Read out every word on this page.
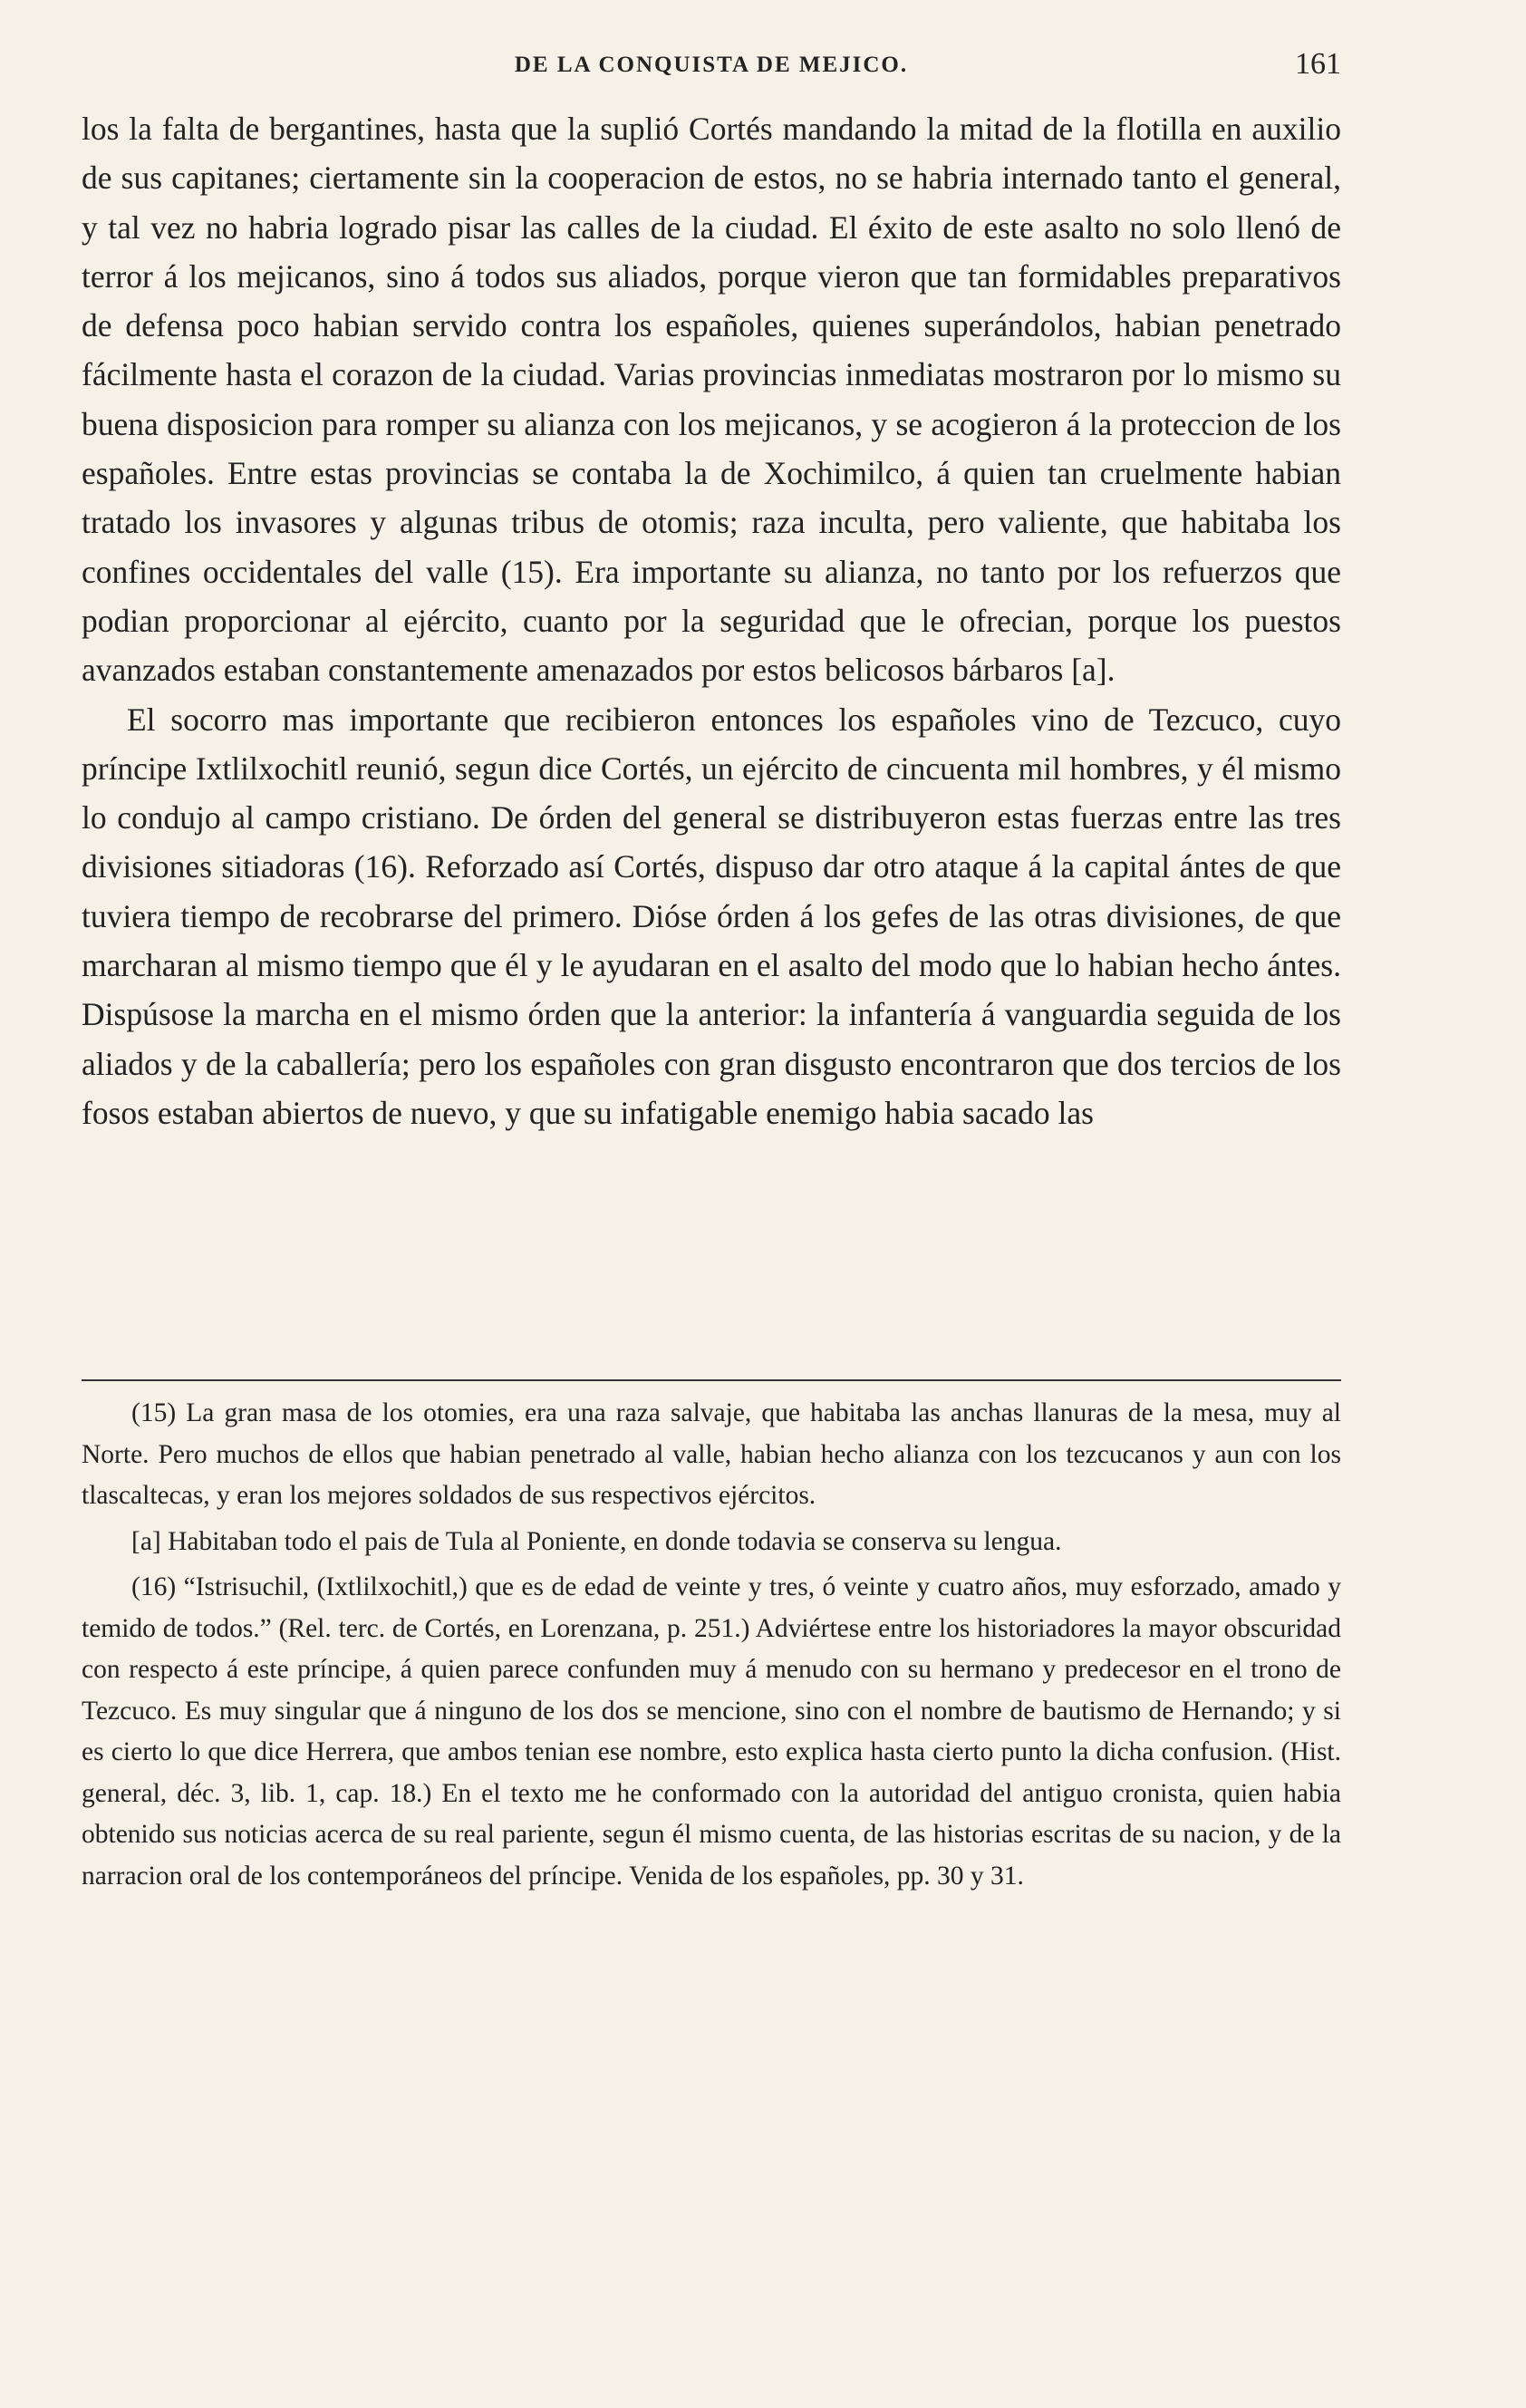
DE LA CONQUISTA DE MEJICO.	161

los la falta de bergantines, hasta que la suplió Cortés mandando la mitad de la flotilla en auxilio de sus capitanes; ciertamente sin la cooperacion de estos, no se habria internado tanto el general, y tal vez no habria logrado pisar las calles de la ciudad. El éxito de este asalto no solo llenó de terror á los mejicanos, sino á todos sus aliados, porque vieron que tan formidables preparativos de defensa poco habian servido contra los españoles, quienes superándolos, habian penetrado fácilmente hasta el corazon de la ciudad. Varias provincias inmediatas mostraron por lo mismo su buena disposicion para romper su alianza con los mejicanos, y se acogieron á la proteccion de los españoles. Entre estas provincias se contaba la de Xochimilco, á quien tan cruelmente habian tratado los invasores y algunas tribus de otomis; raza inculta, pero valiente, que habitaba los confines occidentales del valle (15). Era importante su alianza, no tanto por los refuerzos que podian proporcionar al ejército, cuanto por la seguridad que le ofrecian, porque los puestos avanzados estaban constantemente amenazados por estos belicosos bárbaros [a].

El socorro mas importante que recibieron entonces los españoles vino de Tezcuco, cuyo príncipe Ixtlilxochitl reunió, segun dice Cortés, un ejército de cincuenta mil hombres, y él mismo lo condujo al campo cristiano. De órden del general se distribuyeron estas fuerzas entre las tres divisiones sitiadoras (16). Reforzado así Cortés, dispuso dar otro ataque á la capital ántes de que tuviera tiempo de recobrarse del primero. Dióse órden á los gefes de las otras divisiones, de que marcharan al mismo tiempo que él y le ayudaran en el asalto del modo que lo habian hecho ántes. Dispúsose la marcha en el mismo órden que la anterior: la infantería á vanguardia seguida de los aliados y de la caballería; pero los españoles con gran disgusto encontraron que dos tercios de los fosos estaban abiertos de nuevo, y que su infatigable enemigo habia sacado las

(15) La gran masa de los otomies, era una raza salvaje, que habitaba las anchas llanuras de la mesa, muy al Norte. Pero muchos de ellos que habian penetrado al valle, habian hecho alianza con los tezcucanos y aun con los tlascaltecas, y eran los mejores soldados de sus respectivos ejércitos.

[a] Habitaban todo el pais de Tula al Poniente, en donde todavia se conserva su lengua.

(16) “Istrisuchil, (Ixtlilxochitl,) que es de edad de veinte y tres, ó veinte y cuatro años, muy esforzado, amado y temido de todos.” (Rel. terc. de Cortés, en Lorenzana, p. 251.) Adviértese entre los historiadores la mayor obscuridad con respecto á este príncipe, á quien parece confunden muy á menudo con su hermano y predecesor en el trono de Tezcuco. Es muy singular que á ninguno de los dos se mencione, sino con el nombre de bautismo de Hernando; y si es cierto lo que dice Herrera, que ambos tenian ese nombre, esto explica hasta cierto punto la dicha confusion. (Hist. general, déc. 3, lib. 1, cap. 18.) En el texto me he conformado con la autoridad del antiguo cronista, quien habia obtenido sus noticias acerca de su real pariente, segun él mismo cuenta, de las historias escritas de su nacion, y de la narracion oral de los contemporáneos del príncipe. Venida de los españoles, pp. 30 y 31.
